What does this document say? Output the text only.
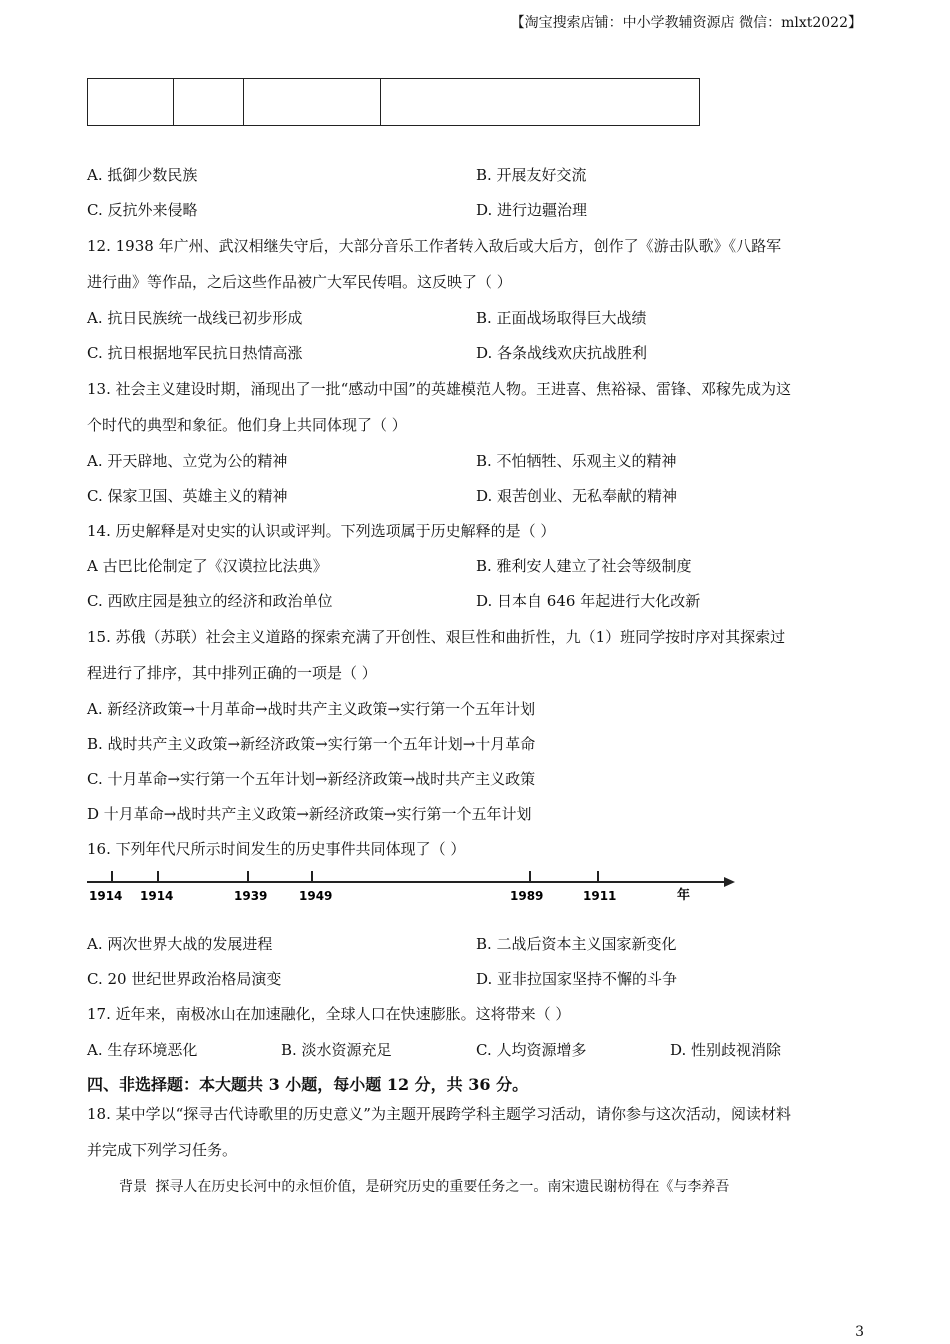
【淘宝搜索店铺：中小学教辅资源店 微信：mlxt2022】

A. 抵御少数民族	B. 开展友好交流
C. 反抗外来侵略	D. 进行边疆治理
12. 1938 年广州、武汉相继失守后，大部分音乐工作者转入敌后或大后方，创作了《游击队歌》《八路军
进行曲》等作品，之后这些作品被广大军民传唱。这反映了（ ）
A. 抗日民族统一战线已初步形成	B. 正面战场取得巨大战绩
C. 抗日根据地军民抗日热情高涨	D. 各条战线欢庆抗战胜利
13. 社会主义建设时期，涌现出了一批“感动中国”的英雄模范人物。王进喜、焦裕禄、雷锋、邓稼先成为这
个时代的典型和象征。他们身上共同体现了（ ）
A. 开天辟地、立党为公的精神	B. 不怕牺牲、乐观主义的精神
C. 保家卫国、英雄主义的精神	D. 艰苦创业、无私奉献的精神
14. 历史解释是对史实的认识或评判。下列选项属于历史解释的是（ ）
A 古巴比伦制定了《汉谟拉比法典》	B. 雅利安人建立了社会等级制度
C. 西欧庄园是独立的经济和政治单位	D. 日本自 646 年起进行大化改新
15. 苏俄（苏联）社会主义道路的探索充满了开创性、艰巨性和曲折性，九（1）班同学按时序对其探索过
程进行了排序，其中排列正确的一项是（ ）
A. 新经济政策→十月革命→战时共产主义政策→实行第一个五年计划
B. 战时共产主义政策→新经济政策→实行第一个五年计划→十月革命
C. 十月革命→实行第一个五年计划→新经济政策→战时共产主义政策
D 十月革命→战时共产主义政策→新经济政策→实行第一个五年计划
16. 下列年代尺所示时间发生的历史事件共同体现了（ ）
1914 1914	1939	1949	1989	1911	年
A. 两次世界大战的发展进程	B. 二战后资本主义国家新变化
C. 20 世纪世界政治格局演变	D. 亚非拉国家坚持不懈的斗争
17. 近年来，南极冰山在加速融化，全球人口在快速膨胀。这将带来（ ）
A. 生存环境恶化	B. 淡水资源充足	C. 人均资源增多	D. 性别歧视消除
四、非选择题：本大题共 3 小题，每小题 12 分，共 36 分。
18. 某中学以“探寻古代诗歌里的历史意义”为主题开展跨学科主题学习活动，请你参与这次活动，阅读材料
并完成下列学习任务。
背景 探寻人在历史长河中的永恒价值，是研究历史的重要任务之一。南宋遗民谢枋得在《与李养吾
3
